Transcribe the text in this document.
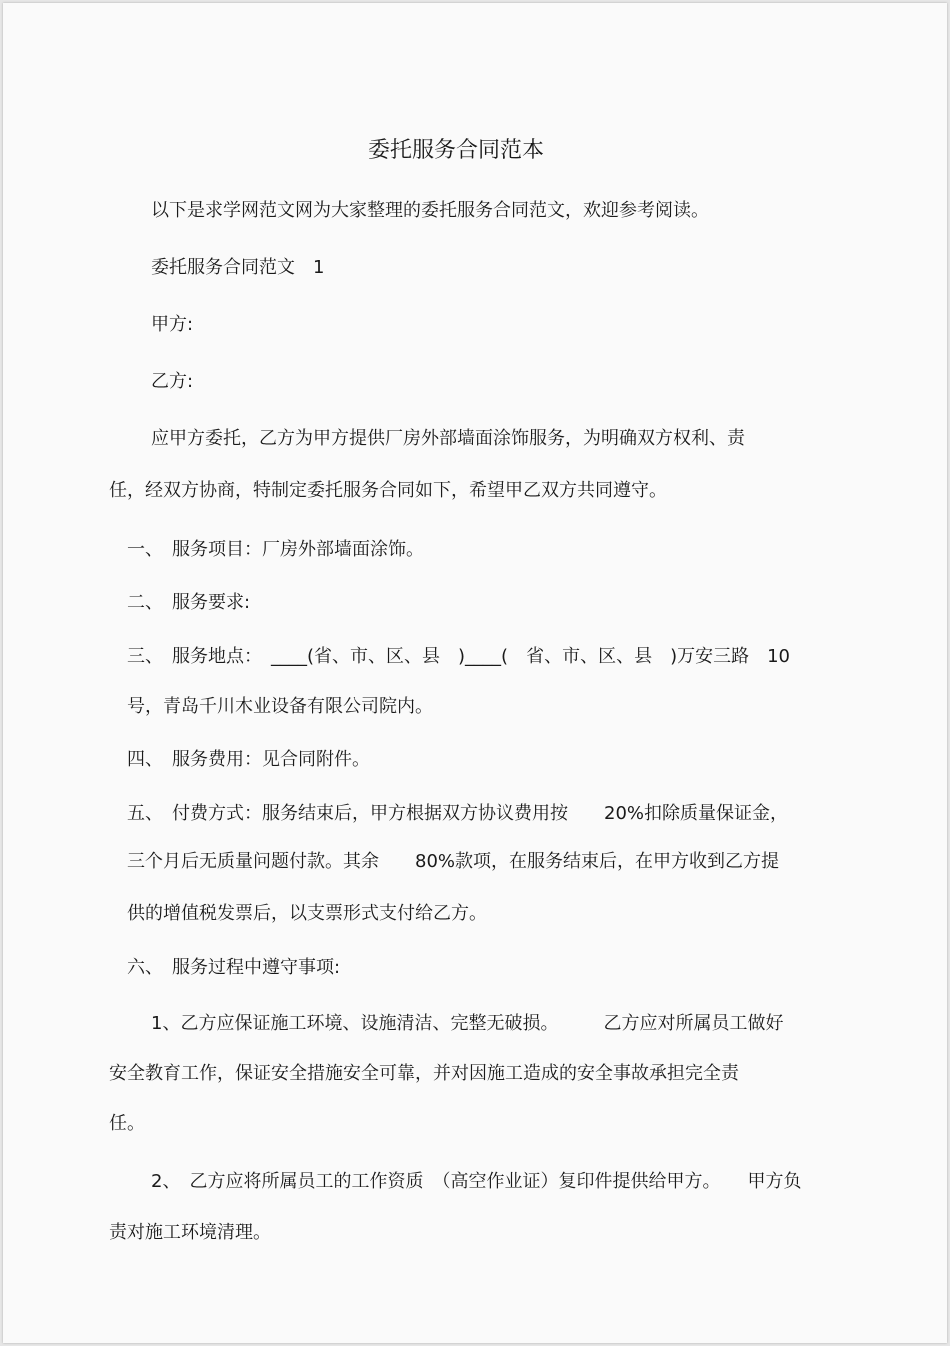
委托服务合同范本
以下是求学网范文网为大家整理的委托服务合同范文，欢迎参考阅读。
委托服务合同范文　1
甲方:
乙方:
应甲方委托，乙方为甲方提供厂房外部墙面涂饰服务，为明确双方权利、责
任，经双方协商，特制定委托服务合同如下，希望甲乙双方共同遵守。
一、　服务项目：厂房外部墙面涂饰。
二、　服务要求:
三、　服务地点：　____(省、市、区、县　)____(　省、市、区、县　)万安三路　10
号，青岛千川木业设备有限公司院内。
四、　服务费用：见合同附件。
五、　付费方式：服务结束后，甲方根据双方协议费用按　　20%扣除质量保证金，
三个月后无质量问题付款。其余　　80%款项，在服务结束后，在甲方收到乙方提
供的增值税发票后，以支票形式支付给乙方。
六、　服务过程中遵守事项:
1、乙方应保证施工环境、设施清洁、完整无破损。　　　乙方应对所属员工做好
安全教育工作，保证安全措施安全可靠，并对因施工造成的安全事故承担完全责
任。
2、　乙方应将所属员工的工作资质　（高空作业证）复印件提供给甲方。　　甲方负
责对施工环境清理。
